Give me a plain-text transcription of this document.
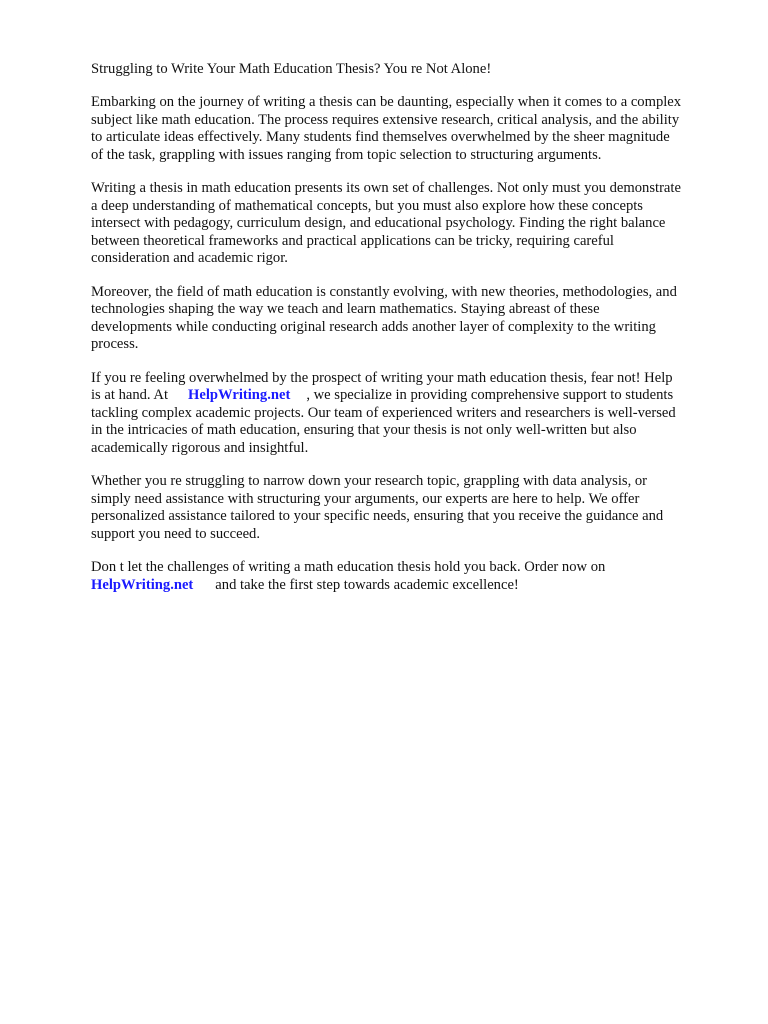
Struggling to Write Your Math Education Thesis? You re Not Alone!
Embarking on the journey of writing a thesis can be daunting, especially when it comes to a complex
subject like math education. The process requires extensive research, critical analysis, and the ability
to articulate ideas effectively. Many students find themselves overwhelmed by the sheer magnitude
of the task, grappling with issues ranging from topic selection to structuring arguments.
Writing a thesis in math education presents its own set of challenges. Not only must you demonstrate
a deep understanding of mathematical concepts, but you must also explore how these concepts
intersect with pedagogy, curriculum design, and educational psychology. Finding the right balance
between theoretical frameworks and practical applications can be tricky, requiring careful
consideration and academic rigor.
Moreover, the field of math education is constantly evolving, with new theories, methodologies, and
technologies shaping the way we teach and learn mathematics. Staying abreast of these
developments while conducting original research adds another layer of complexity to the writing
process.
If you re feeling overwhelmed by the prospect of writing your math education thesis, fear not! Help
is at hand. At HelpWriting.net , we specialize in providing comprehensive support to students
tackling complex academic projects. Our team of experienced writers and researchers is well-versed
in the intricacies of math education, ensuring that your thesis is not only well-written but also
academically rigorous and insightful.
Whether you re struggling to narrow down your research topic, grappling with data analysis, or
simply need assistance with structuring your arguments, our experts are here to help. We offer
personalized assistance tailored to your specific needs, ensuring that you receive the guidance and
support you need to succeed.
Don t let the challenges of writing a math education thesis hold you back. Order now on
HelpWriting.net and take the first step towards academic excellence!
